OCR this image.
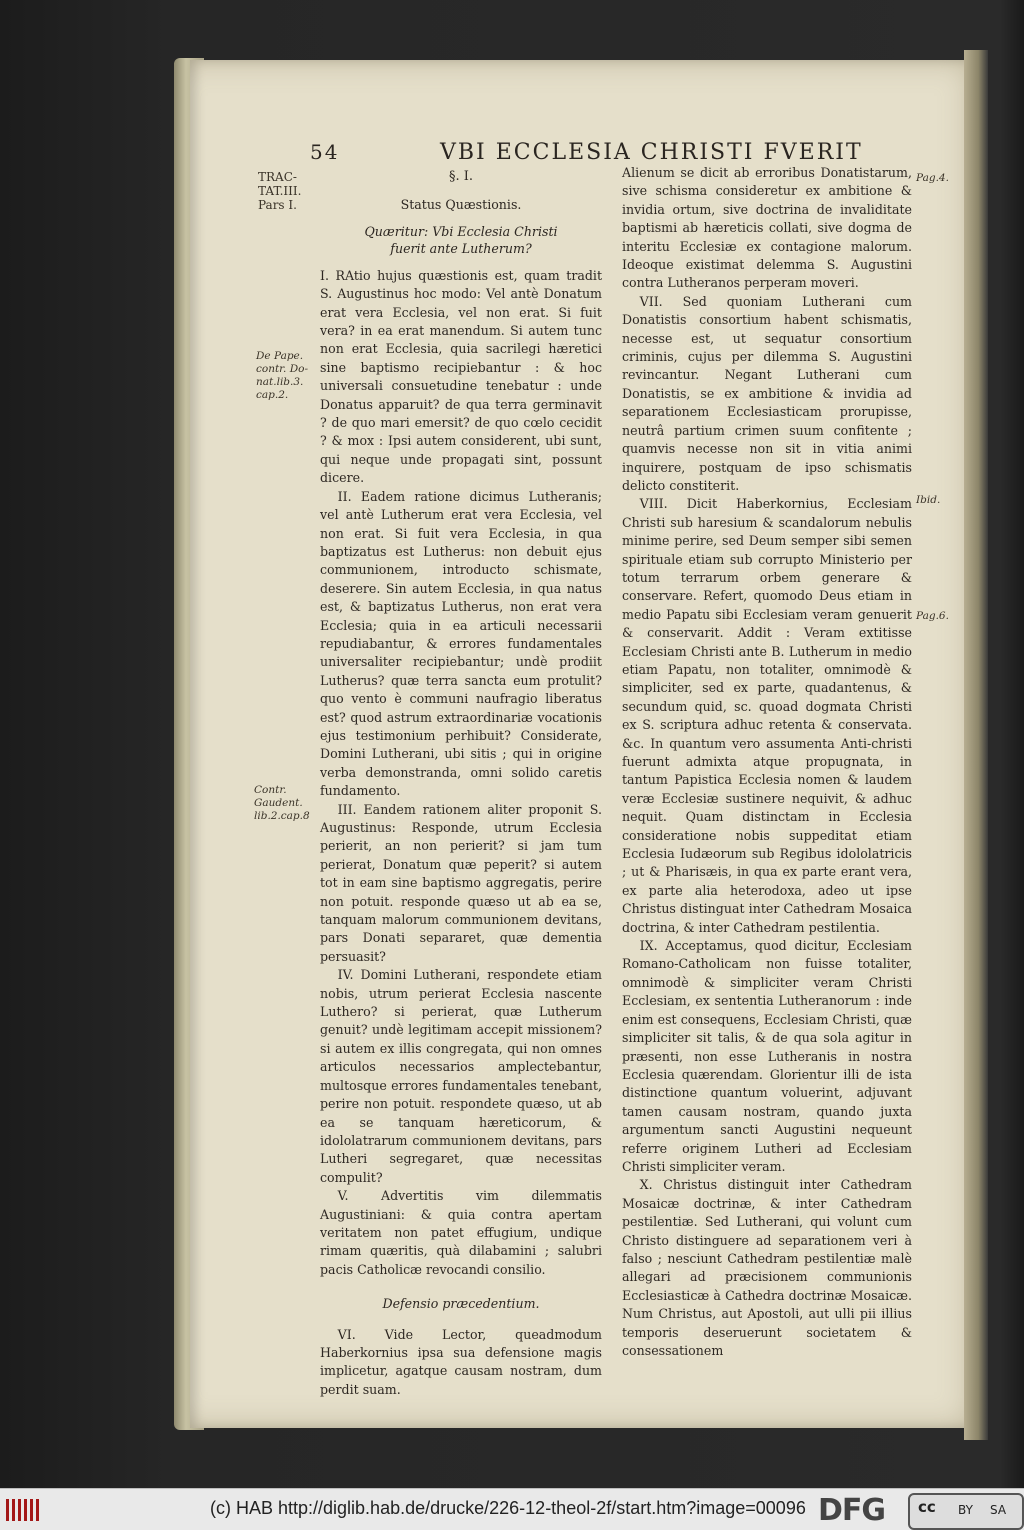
54	VBI ECCLESIA CHRISTI FVERIT
TRAC-
TAT.III.
Pars I.
De Pape.
contr. Do-
nat.lib.3.
cap.2.
Contr.
Gaudent.
lib.2.cap.8
Pag.4.
Ibid.
Pag.6.
§. I.
Status Quæstionis.
Quæritur: Vbi Ecclesia Christi fuerit ante Lutherum?

I. RAtio hujus quæstionis est, quam tradit S. Augustinus hoc modo: Vel antè Donatum erat vera Ecclesia, vel non erat. Si fuit vera? in ea erat manendum. Si autem tunc non erat Ecclesia, quia sacrilegi hæretici sine baptismo recipiebantur : & hoc universali consuetudine tenebatur : unde Donatus apparuit? de qua terra germinavit ? de quo mari emersit? de quo cœlo cecidit ? & mox : Ipsi autem considerent, ubi sunt, qui neque unde propagati sint, possunt dicere.

II. Eadem ratione dicimus Lutheranis; vel antè Lutherum erat vera Ecclesia, vel non erat. Si fuit vera Ecclesia, in qua baptizatus est Lutherus: non debuit ejus communionem, introducto schismate, deserere. Sin autem Ecclesia, in qua natus est, & baptizatus Lutherus, non erat vera Ecclesia; quia in ea articuli necessarii repudiabantur, & errores fundamentales universaliter recipiebantur; undè prodiit Lutherus? quæ terra sancta eum protulit? quo vento è communi naufragio liberatus est? quod astrum extraordinariæ vocationis ejus testimonium perhibuit? Considerate, Domini Lutherani, ubi sitis ; qui in origine verba demonstranda, omni solido caretis fundamento.

III. Eandem rationem aliter proponit S. Augustinus: Responde, utrum Ecclesia perierit, an non perierit? si jam tum perierat, Donatum quæ peperit? si autem tot in eam sine baptismo aggregatis, perire non potuit. responde quæso ut ab ea se, tanquam malorum communionem devitans, pars Donati separaret, quæ dementia persuasit?

IV. Domini Lutherani, respondete etiam nobis, utrum perierat Ecclesia nascente Luthero? si perierat, quæ Lutherum genuit? undè legitimam accepit missionem? si autem ex illis congregata, qui non omnes articulos necessarios amplectebantur, multosque errores fundamentales tenebant, perire non potuit. respondete quæso, ut ab ea se tanquam hæreticorum, & idololatrarum communionem devitans, pars Lutheri segregaret, quæ necessitas compulit?

V. Advertitis vim dilemmatis Augustiniani: & quia contra apertam veritatem non patet effugium, undique rimam quæritis, quà dilabamini ; salubri pacis Catholicæ revocandi consilio.

Defensio præcedentium.

VI. Vide Lector, queadmodum Haberkornius ipsa sua defensione magis implicetur, agatque causam nostram, dum perdit suam.

Alienum se dicit ab erroribus Donatistarum, sive schisma consideretur ex ambitione & invidia ortum, sive doctrina de invaliditate baptismi ab hæreticis collati, sive dogma de interitu Ecclesiæ ex contagione malorum. Ideoque existimat delemma S. Augustini contra Lutheranos perperam moveri.

VII. Sed quoniam Lutherani cum Donatistis consortium habent schismatis, necesse est, ut sequatur consortium criminis, cujus per dilemma S. Augustini revincantur. Negant Lutherani cum Donatistis, se ex ambitione & invidia ad separationem Ecclesiasticam prorupisse, neutrâ partium crimen suum confitente ; quamvis necesse non sit in vitia animi inquirere, postquam de ipso schismatis delicto constiterit.

VIII. Dicit Haberkornius, Ecclesiam Christi sub haresium & scandalorum nebulis minime perire, sed Deum semper sibi semen spirituale etiam sub corrupto Ministerio per totum terrarum orbem generare & conservare. Refert, quomodo Deus etiam in medio Papatu sibi Ecclesiam veram genuerit & conservarit. Addit : Veram extitisse Ecclesiam Christi ante B. Lutherum in medio etiam Papatu, non totaliter, omnimodè & simpliciter, sed ex parte, quadantenus, & secundum quid, sc. quoad dogmata Christi ex S. scriptura adhuc retenta & conservata. &c. In quantum vero assumenta Anti-christi fuerunt admixta atque propugnata, in tantum Papistica Ecclesia nomen & laudem veræ Ecclesiæ sustinere nequivit, & adhuc nequit. Quam distinctam in Ecclesia consideratione nobis suppeditat etiam Ecclesia Iudæorum sub Regibus idololatricis ; ut & Pharisæis, in qua ex parte erant vera, ex parte alia heterodoxa, adeo ut ipse Christus distinguat inter Cathedram Mosaica doctrina, & inter Cathedram pestilentia.

IX. Acceptamus, quod dicitur, Ecclesiam Romano-Catholicam non fuisse totaliter, omnimodè & simpliciter veram Christi Ecclesiam, ex sententia Lutheranorum : inde enim est consequens, Ecclesiam Christi, quæ simpliciter sit talis, & de qua sola agitur in præsenti, non esse Lutheranis in nostra Ecclesia quærendam. Glorientur illi de ista distinctione quantum voluerint, adjuvant tamen causam nostram, quando juxta argumentum sancti Augustini nequeunt referre originem Lutheri ad Ecclesiam Christi simpliciter veram.

X. Christus distinguit inter Cathedram Mosaicæ doctrinæ, & inter Cathedram pestilentiæ. Sed Lutherani, qui volunt cum Christo distinguere ad separationem veri à falso ; nesciunt Cathedram pestilentiæ malè allegari ad præcisionem communionis Ecclesiasticæ à Cathedra doctrinæ Mosaicæ. Num Christus, aut Apostoli, aut ulli pii illius temporis deseruerunt societatem & consessationem

(c) HAB http://diglib.hab.de/drucke/226-12-theol-2f/start.htm?image=00096 DFG cc BY SA
